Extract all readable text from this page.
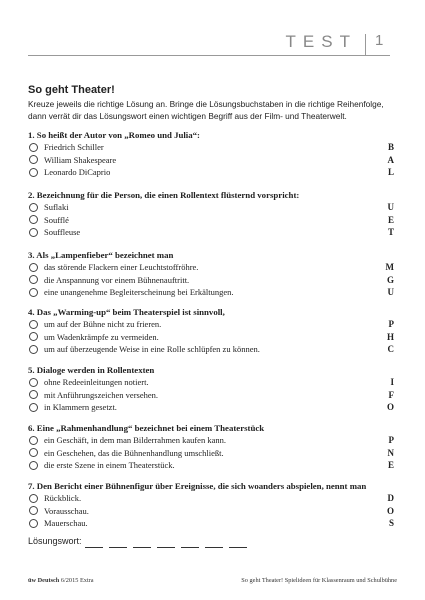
TEST 1
So geht Theater!
Kreuze jeweils die richtige Lösung an. Bringe die Lösungsbuchstaben in die richtige Reihenfolge, dann verrät dir das Lösungswort einen wichtigen Begriff aus der Film- und Theaterwelt.
1. So heißt der Autor von „Romeo und Julia“:
Friedrich Schiller	B
William Shakespeare	A
Leonardo DiCaprio	L
2. Bezeichnung für die Person, die einen Rollentext flüsternd vorspricht:
Suflaki	U
Soufflé	E
Souffleuse	T
3. Als „Lampenfieber“ bezeichnet man
das störende Flackern einer Leuchtstoffröhre.	M
die Anspannung vor einem Bühnenauftritt.	G
eine unangenehme Begleiterscheinung bei Erkältungen.	U
4. Das „Warming-up“ beim Theaterspiel ist sinnvoll,
um auf der Bühne nicht zu frieren.	P
um Wadenkrämpfe zu vermeiden.	H
um auf überzeugende Weise in eine Rolle schlüpfen zu können.	C
5. Dialoge werden in Rollentexten
ohne Redeeinleitungen notiert.	I
mit Anführungszeichen versehen.	F
in Klammern gesetzt.	O
6. Eine „Rahmenhandlung“ bezeichnet bei einem Theaterstück
ein Geschäft, in dem man Bilderrahmen kaufen kann.	P
ein Geschehen, das die Bühnenhandlung umschließt.	N
die erste Szene in einem Theaterstück.	E
7. Den Bericht einer Bühnenfigur über Ereignisse, die sich woanders abspielen, nennt man
Rückblick.	D
Vorausschau.	O
Mauerschau.	S
Lösungswort:
üw Deutsch 6/2015 Extra	So geht Theater! Spielideen für Klassenraum und Schulbühne
